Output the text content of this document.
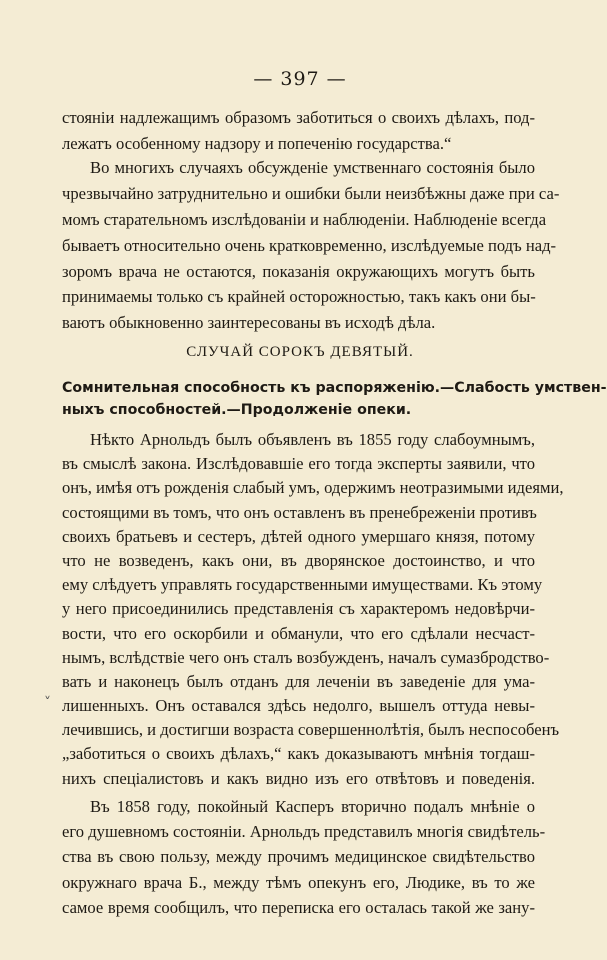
— 397 —
стояніи надлежащимъ образомъ заботиться о своихъ дѣлахъ, под-
лежатъ особенному надзору и попеченію государства.“
Во многихъ случаяхъ обсужденіе умственнаго состоянія было
чрезвычайно затруднительно и ошибки были неизбѣжны даже при са-
момъ старательномъ изслѣдованіи и наблюденіи. Наблюденіе всегда
бываетъ относительно очень кратковременно, изслѣдуемые подъ над-
зоромъ врача не остаются, показанія окружающихъ могутъ быть
принимаемы только съ крайней осторожностью, такъ какъ они бы-
ваютъ обыкновенно заинтересованы въ исходѣ дѣла.
СЛУЧАЙ СОРОКЪ ДЕВЯТЫЙ.
Сомнительная способность къ распоряженію.—Слабость умствен-
ныхъ способностей.—Продолженіе опеки.
Нѣкто Арнольдъ былъ объявленъ въ 1855 году слабоумнымъ,
въ смыслѣ закона. Изслѣдовавшіе его тогда эксперты заявили, что
онъ, имѣя отъ рожденія слабый умъ, одержимъ неотразимыми идеями,
состоящими въ томъ, что онъ оставленъ въ пренебреженіи противъ
своихъ братьевъ и сестеръ, дѣтей одного умершаго князя, потому
что не возведенъ, какъ они, въ дворянское достоинство, и что
ему слѣдуетъ управлять государственными имуществами. Къ этому
у него присоединились представленія съ характеромъ недовѣрчи-
вости, что его оскорбили и обманули, что его сдѣлали несчаст-
нымъ, вслѣдствіе чего онъ сталъ возбужденъ, началъ сумазбродство-
вать и наконецъ былъ отданъ для леченіи въ заведеніе для ума-
лишенныхъ. Онъ оставался здѣсь недолго, вышелъ оттуда невы-
лечившись, и достигши возраста совершеннолѣтія, былъ неспособенъ
„заботиться о своихъ дѣлахъ,“ какъ доказываютъ мнѣнія тогдаш-
нихъ спеціалистовъ и какъ видно изъ его отвѣтовъ и поведенія.
Въ 1858 году, покойный Касперъ вторично подалъ мнѣніе о
его душевномъ состояніи. Арнольдъ представилъ многія свидѣтель-
ства въ свою пользу, между прочимъ медицинское свидѣтельство
окружнаго врача Б., между тѣмъ опекунъ его, Людике, въ то же
самое время сообщилъ, что переписка его осталась такой же зану-
ˬ
